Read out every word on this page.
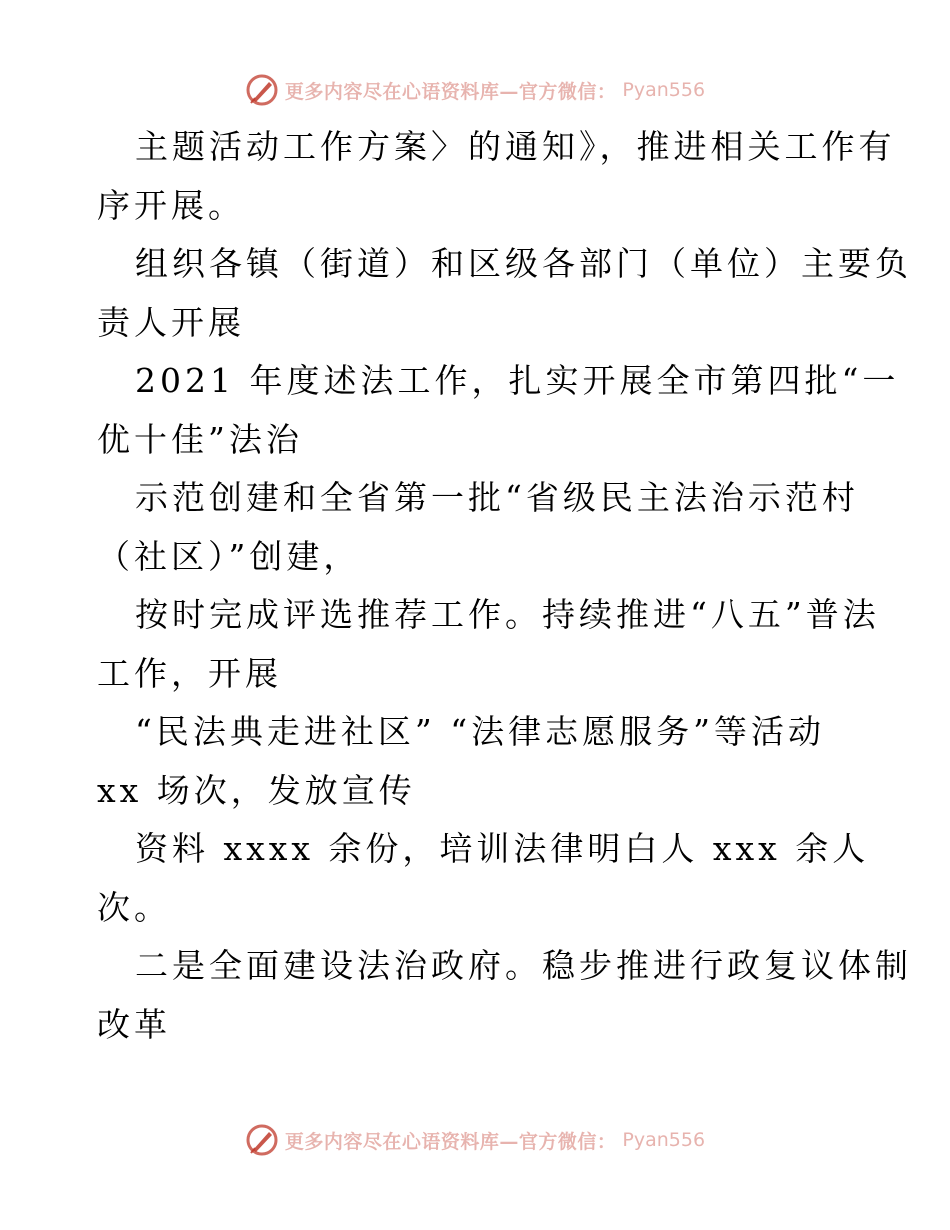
更多内容尽在心语资料库—官方微信： Pyan556
主题活动工作方案〉的通知》，推进相关工作有
序开展。
组织各镇（街道）和区级各部门（单位）主要负
责人开展
2021 年度述法工作，扎实开展全市第四批“一
优十佳”法治
示范创建和全省第一批“省级民主法治示范村
（社区）”创建，
按时完成评选推荐工作。持续推进“八五”普法
工作，开展
“民法典走进社区” “法律志愿服务”等活动
xx 场次，发放宣传
资料 xxxx 余份，培训法律明白人 xxx 余人
次。
二是全面建设法治政府。稳步推进行政复议体制
改革
更多内容尽在心语资料库—官方微信： Pyan556
